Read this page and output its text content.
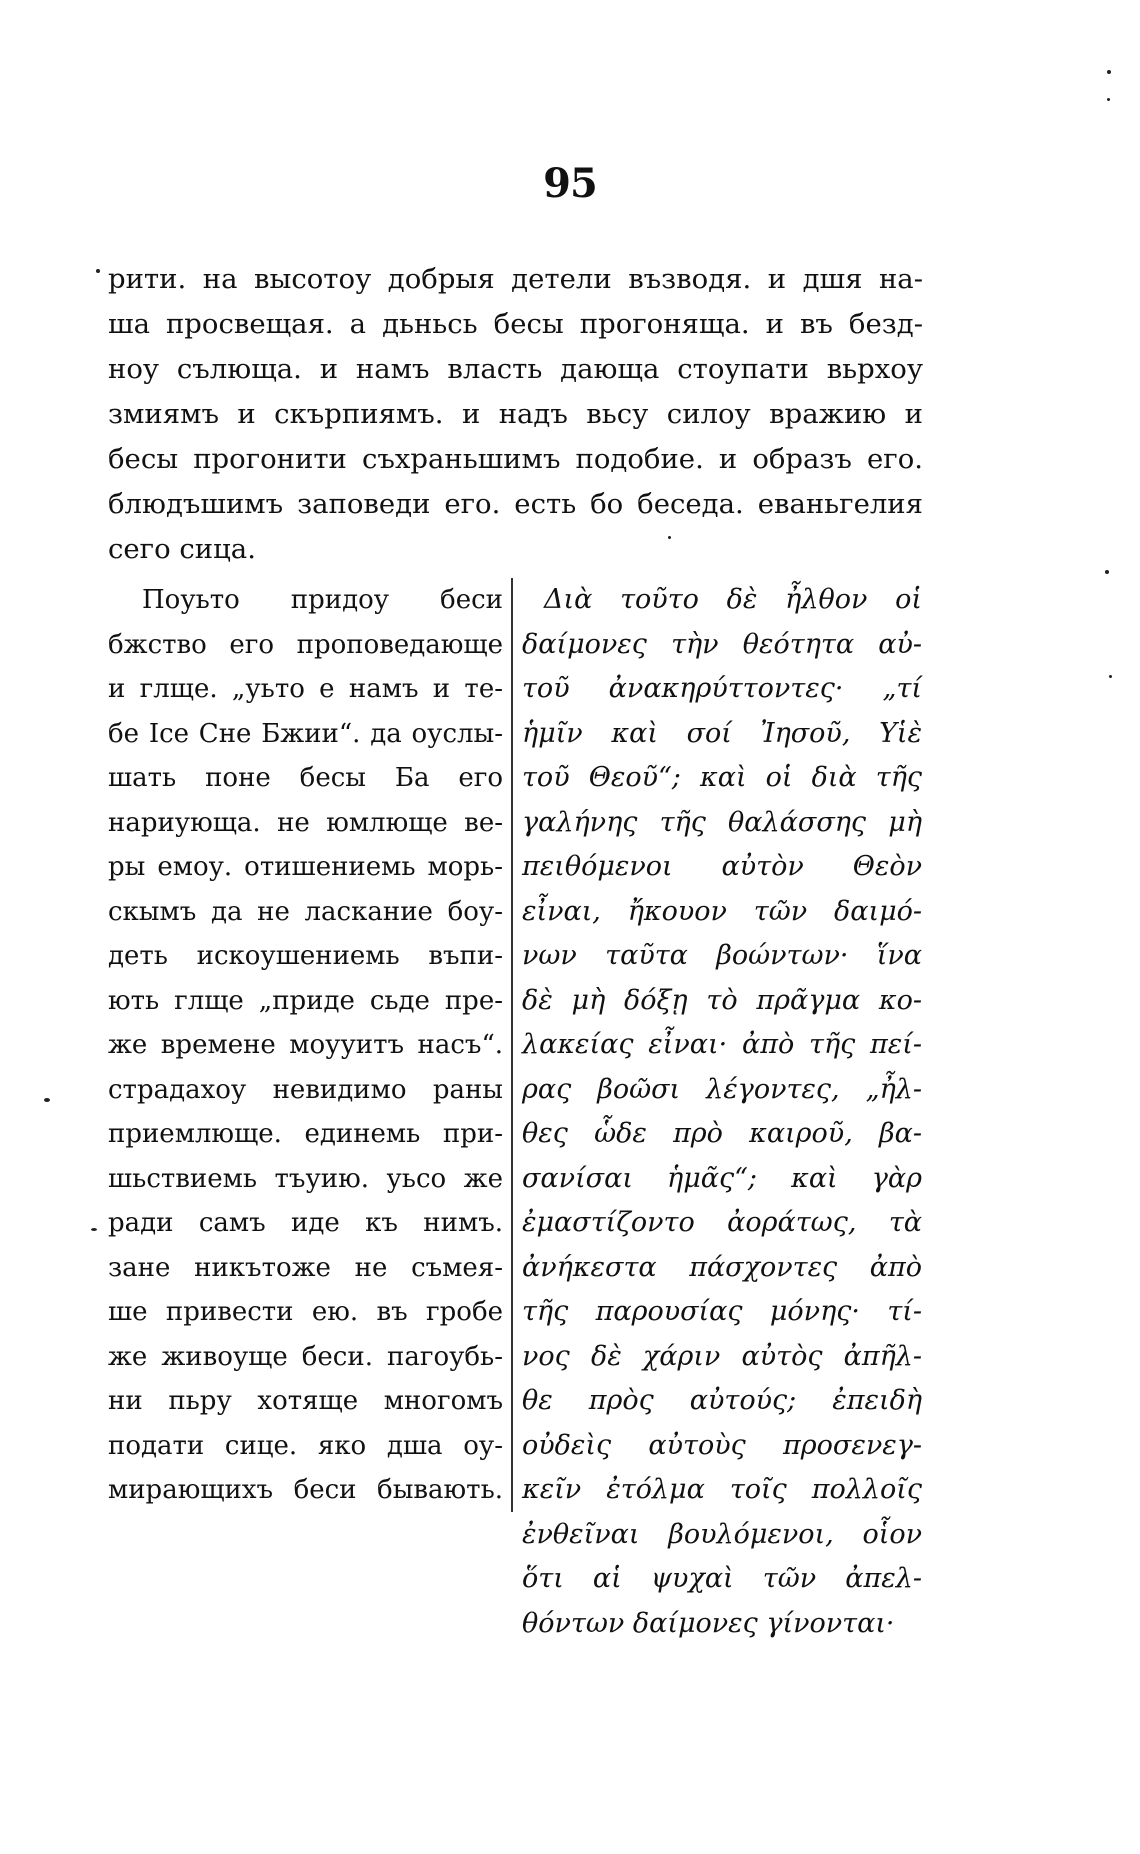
95
рити. на высотоу добрыя детели възводя. и дшя на-
ша просвещая. а дьньсь бесы прогоняща. и въ безд-
ноу сълюща. и намъ власть дающа стоупати вьрхоу
змиямъ и скърпиямъ. и надъ вьсу силоу вражию и
бесы прогонити съхраньшимъ подобие. и образъ его.
блюдъшимъ заповеди его. есть бо беседа. еваньгелия
сего сица.
Поуьто придоу беси
бжство его проповедающе
и глще. „уьто е намъ и те-
бе Ісе Сне Бжии“. да оуслы-
шать поне бесы Ба его
нариующа. не юмлюще ве-
ры емоу. отишениемь морь-
скымъ да не ласкание боу-
деть искоушениемь въпи-
ють глще „приде сьде пре-
же времене моууитъ насъ“.
страдахоу невидимо раны
приемлюще. единемь при-
шьствиемь тъуию. уьсо же
ради самъ иде къ нимъ.
зане никътоже не съмея-
ше привести ею. въ гробе
же живоуще беси. пагоубь-
ни пьру хотяще многомъ
подати сице. яко дша оу-
мирающихъ беси бывають.
Διὰ τοῦτο δὲ ἦλθον οἱ
δαίμονες τὴν θεότητα αὐ-
τοῦ ἀνακηρύττοντες· „τί
ἡμῖν καὶ σοί Ἰησοῦ, Υἱὲ
τοῦ Θεοῦ“; καὶ οἱ διὰ τῆς
γαλήνης τῆς θαλάσσης μὴ
πειθόμενοι αὐτὸν Θεὸν
εἶναι, ἤκουον τῶν δαιμό-
νων ταῦτα βοώντων· ἵνα
δὲ μὴ δόξῃ τὸ πρᾶγμα κο-
λακείας εἶναι· ἀπὸ τῆς πεί-
ρας βοῶσι λέγοντες, „ἦλ-
θες ὧδε πρὸ καιροῦ, βα-
σανίσαι ἡμᾶς“; καὶ γὰρ
ἐμαστίζοντο ἀοράτως, τὰ
ἀνήκεστα πάσχοντες ἀπὸ
τῆς παρουσίας μόνης· τί-
νος δὲ χάριν αὐτὸς ἀπῆλ-
θε πρὸς αὐτούς; ἐπειδὴ
οὐδεὶς αὐτοὺς προσενεγ-
κεῖν ἐτόλμα τοῖς πολλοῖς
ἐνθεῖναι βουλόμενοι, οἷον
ὅτι αἱ ψυχαὶ τῶν ἀπελ-
θόντων δαίμονες γίνονται·
